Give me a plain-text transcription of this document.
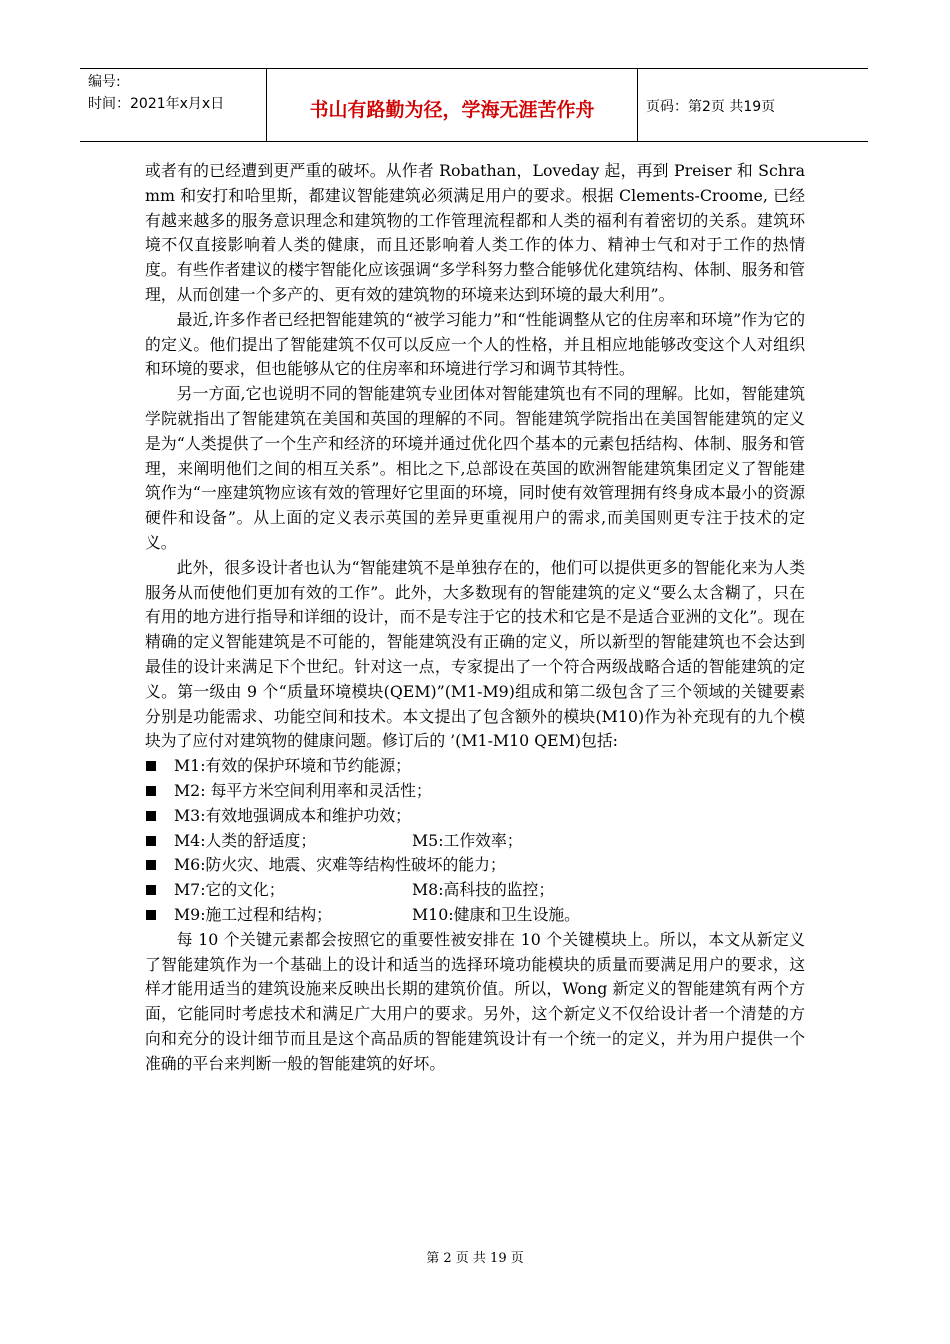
编号:
时间：2021年x月x日	书山有路勤为径，学海无涯苦作舟	页码：第2页 共19页

或者有的已经遭到更严重的破坏。从作者 Robathan，Loveday 起，再到 Preiser 和 Schramm 和安打和哈里斯，都建议智能建筑必须满足用户的要求。根据 Clements-Croome, 已经有越来越多的服务意识理念和建筑物的工作管理流程都和人类的福利有着密切的关系。建筑环境不仅直接影响着人类的健康，而且还影响着人类工作的体力、精神士气和对于工作的热情度。有些作者建议的楼宇智能化应该强调“多学科努力整合能够优化建筑结构、体制、服务和管理，从而创建一个多产的、更有效的建筑物的环境来达到环境的最大利用”。

最近,许多作者已经把智能建筑的“被学习能力”和“性能调整从它的住房率和环境”作为它的的定义。他们提出了智能建筑不仅可以反应一个人的性格，并且相应地能够改变这个人对组织和环境的要求，但也能够从它的住房率和环境进行学习和调节其特性。

另一方面,它也说明不同的智能建筑专业团体对智能建筑也有不同的理解。比如，智能建筑学院就指出了智能建筑在美国和英国的理解的不同。智能建筑学院指出在美国智能建筑的定义是为“人类提供了一个生产和经济的环境并通过优化四个基本的元素包括结构、体制、服务和管理，来阐明他们之间的相互关系”。相比之下,总部设在英国的欧洲智能建筑集团定义了智能建筑作为“一座建筑物应该有效的管理好它里面的环境，同时使有效管理拥有终身成本最小的资源硬件和设备”。从上面的定义表示英国的差异更重视用户的需求,而美国则更专注于技术的定义。

此外，很多设计者也认为“智能建筑不是单独存在的，他们可以提供更多的智能化来为人类服务从而使他们更加有效的工作”。此外，大多数现有的智能建筑的定义“要么太含糊了，只在有用的地方进行指导和详细的设计，而不是专注于它的技术和它是不是适合亚洲的文化”。现在精确的定义智能建筑是不可能的，智能建筑没有正确的定义，所以新型的智能建筑也不会达到最佳的设计来满足下个世纪。针对这一点，专家提出了一个符合两级战略合适的智能建筑的定义。第一级由 9 个“质量环境模块(QEM)”(M1-M9)组成和第二级包含了三个领域的关键要素分别是功能需求、功能空间和技术。本文提出了包含额外的模块(M10)作为补充现有的九个模块为了应付对建筑物的健康问题。修订后的 ’(M1-M10 QEM)包括:

M1:有效的保护环境和节约能源；
M2: 每平方米空间利用率和灵活性；
M3:有效地强调成本和维护功效；
M4:人类的舒适度；	M5:工作效率；
M6:防火灾、地震、灾难等结构性破坏的能力；
M7:它的文化；	M8:高科技的监控；
M9:施工过程和结构；	M10:健康和卫生设施。

每 10 个关键元素都会按照它的重要性被安排在 10 个关键模块上。所以，本文从新定义了智能建筑作为一个基础上的设计和适当的选择环境功能模块的质量而要满足用户的要求，这样才能用适当的建筑设施来反映出长期的建筑价值。所以，Wong 新定义的智能建筑有两个方面，它能同时考虑技术和满足广大用户的要求。另外，这个新定义不仅给设计者一个清楚的方向和充分的设计细节而且是这个高品质的智能建筑设计有一个统一的定义，并为用户提供一个准确的平台来判断一般的智能建筑的好坏。

第 2 页 共 19 页
